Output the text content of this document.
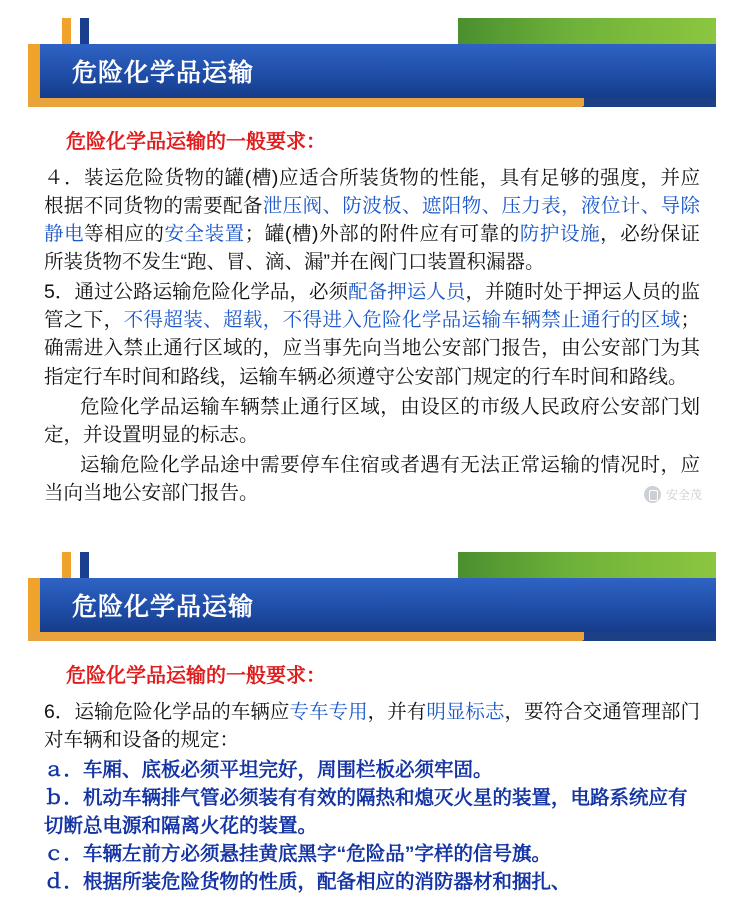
危险化学品运输
危险化学品运输的一般要求：

４．装运危险货物的罐(槽)应适合所装货物的性能，具有足够的强度，并应根据不同货物的需要配备泄压阀、防波板、遮阳物、压力表，液位计、导除静电等相应的安全装置；罐(槽)外部的附件应有可靠的防护设施，必纷保证所装货物不发生“跑、冒、滴、漏”并在阀门口装置积漏器。

5．通过公路运输危险化学品，必须配备押运人员，并随时处于押运人员的监管之下，不得超装、超载，不得进入危险化学品运输车辆禁止通行的区域；确需进入禁止通行区域的，应当事先向当地公安部门报告，由公安部门为其指定行车时间和路线，运输车辆必须遵守公安部门规定的行车时间和路线。

危险化学品运输车辆禁止通行区域，由设区的市级人民政府公安部门划定，并设置明显的标志。

运输危险化学品途中需要停车住宿或者遇有无法正常运输的情况时，应当向当地公安部门报告。	安全茂
危险化学品运输
危险化学品运输的一般要求：

6．运输危险化学品的车辆应专车专用，并有明显标志，要符合交通管理部门对车辆和设备的规定：

ａ．车厢、底板必须平坦完好，周围栏板必须牢固。

ｂ．机动车辆排气管必须装有有效的隔热和熄灭火星的装置，电路系统应有切断总电源和隔离火花的装置。

ｃ．车辆左前方必须悬挂黄底黑字“危险品”字样的信号旗。

ｄ．根据所装危险货物的性质，配备相应的消防器材和捆扎、
